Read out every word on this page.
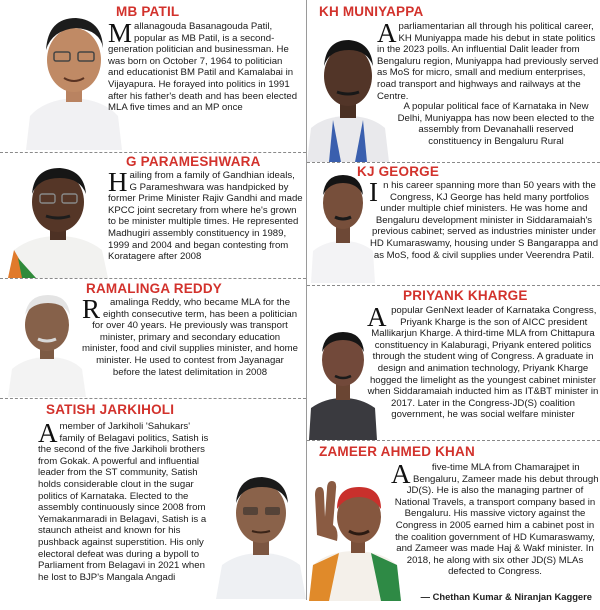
MB PATIL

Mallanagouda Basanagouda Patil, popular as MB Patil, is a second-generation politician and businessman. He was born on October 7, 1964 to politician and educationist BM Patil and Kamalabai in Vijayapura. He forayed into politics in 1991 after his father's death and has been elected MLA five times and an MP once

G PARAMESHWARA

Hailing from a family of Gandhian ideals, G Parameshwara was handpicked by former Prime Minister Rajiv Gandhi and made KPCC joint secretary from where he's grown to be minister multiple times. He represented Madhugiri assembly constituency in 1989, 1999 and 2004 and began contesting from Koratagere after 2008

RAMALINGA REDDY

R amalinga Reddy, who became MLA for the eighth consecutive term, has been a politician for over 40 years. He previously was transport minister, primary and secondary education minister, food and civil supplies minister, and home minister. He used to contest from Jayanagar before the latest delimitation in 2008

SATISH JARKIHOLI

Amember of Jarkiholi 'Sahukars' family of Belagavi politics, Satish is the second of the five Jarkiholi brothers from Gokak. A powerful and influential leader from the ST community, Satish holds considerable clout in the sugar politics of Karnataka. Elected to the assembly continuously since 2008 from Yemakanmaradi in Belagavi, Satish is a staunch atheist and known for his pushback against superstition. His only electoral defeat was during a bypoll to Parliament from Belagavi in 2021 when he lost to BJP's Mangala Angadi

KH MUNIYAPPA

Aparliamentarian all through his political career, KH Muniyappa made his debut in state politics in the 2023 polls. An influential Dalit leader from Bengaluru region, Muniyappa had previously served as MoS for micro, small and medium enterprises, road transport and highways and railways at the Centre.

A popular political face of Karnataka in New Delhi, Muniyappa has now been elected to the assembly from Devanahalli reserved constituency in Bengaluru Rural

KJ GEORGE

In his career spanning more than 50 years with the Congress, KJ George has held many portfolios under multiple chief ministers. He was home and Bengaluru development minister in Siddaramaiah's previous cabinet; served as industries minister under HD Kumaraswamy, housing under S Bangarappa and as MoS, food & civil supplies under Veerendra Patil.

PRIYANK KHARGE

Apopular GenNext leader of Karnataka Congress, Priyank Kharge is the son of AICC president Mallikarjun Kharge. A third-time MLA from Chittapura constituency in Kalaburagi, Priyank entered politics through the student wing of Congress. A graduate in design and animation technology, Priyank Kharge hogged the limelight as the youngest cabinet minister when Siddaramaiah inducted him as IT&BT minister in 2017. Later in the Congress-JD(S) coalition government, he was social welfare minister

ZAMEER AHMED KHAN

A five-time MLA from Chamarajpet in Bengaluru, Zameer made his debut through JD(S). He is also the managing partner of National Travels, a transport company based in Bengaluru. His massive victory against the Congress in 2005 earned him a cabinet post in the coalition government of HD Kumaraswamy, and Zameer was made Haj & Wakf minister. In 2018, he along with six other JD(S) MLAs defected to Congress.

— Chethan Kumar & Niranjan Kaggere
